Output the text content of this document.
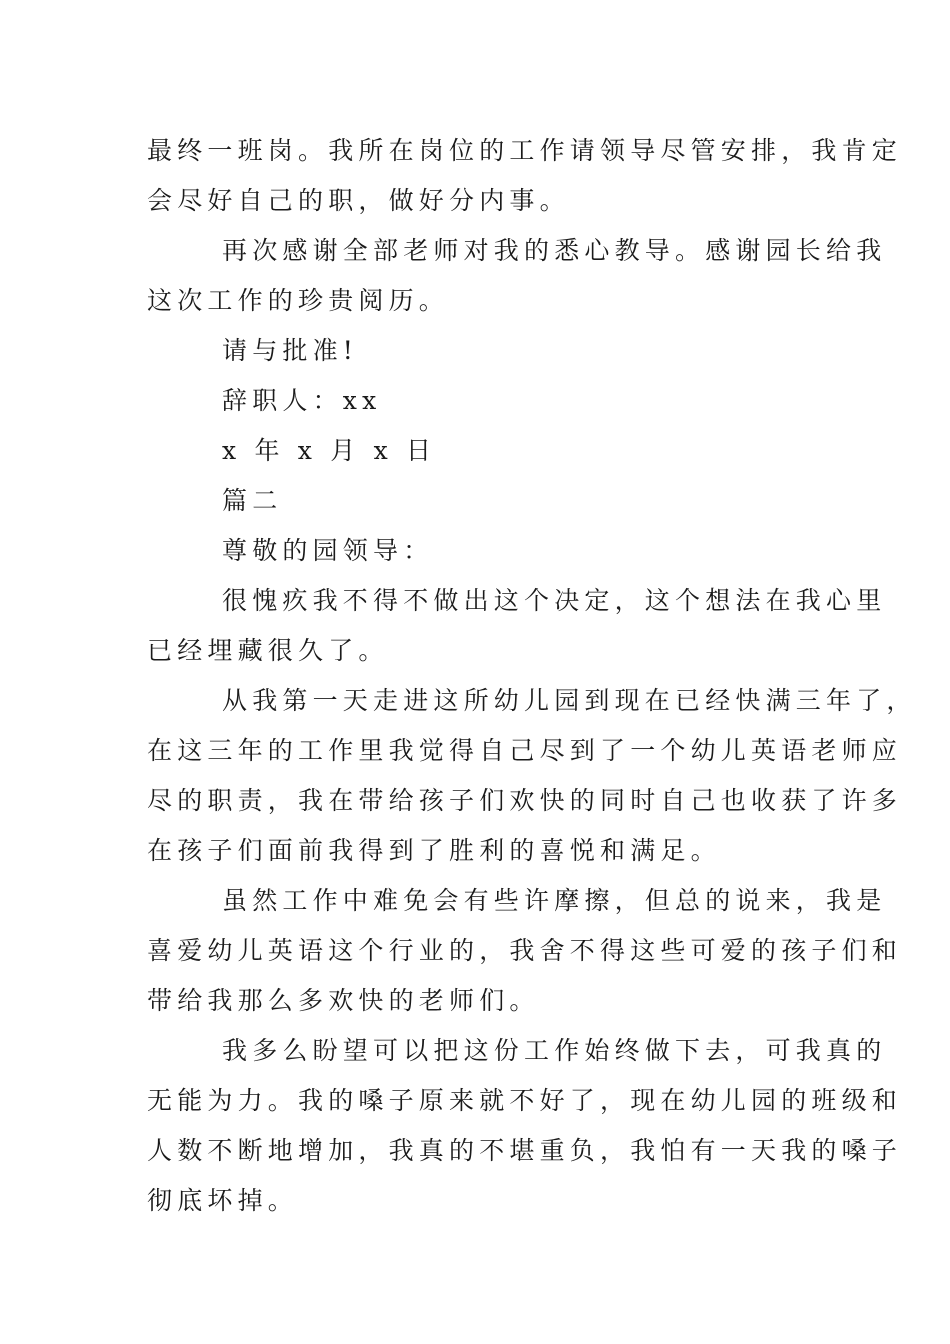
最终一班岗。我所在岗位的工作请领导尽管安排，我肯定
会尽好自己的职，做好分内事。
再次感谢全部老师对我的悉心教导。感谢园长给我
这次工作的珍贵阅历。
请与批准!
辞职人：xx
x 年 x 月 x 日
篇二
尊敬的园领导：
很愧疚我不得不做出这个决定，这个想法在我心里
已经埋藏很久了。
从我第一天走进这所幼儿园到现在已经快满三年了，
在这三年的工作里我觉得自己尽到了一个幼儿英语老师应
尽的职责，我在带给孩子们欢快的同时自己也收获了许多
在孩子们面前我得到了胜利的喜悦和满足。
虽然工作中难免会有些许摩擦，但总的说来，我是
喜爱幼儿英语这个行业的，我舍不得这些可爱的孩子们和
带给我那么多欢快的老师们。
我多么盼望可以把这份工作始终做下去，可我真的
无能为力。我的嗓子原来就不好了，现在幼儿园的班级和
人数不断地增加，我真的不堪重负，我怕有一天我的嗓子
彻底坏掉。
